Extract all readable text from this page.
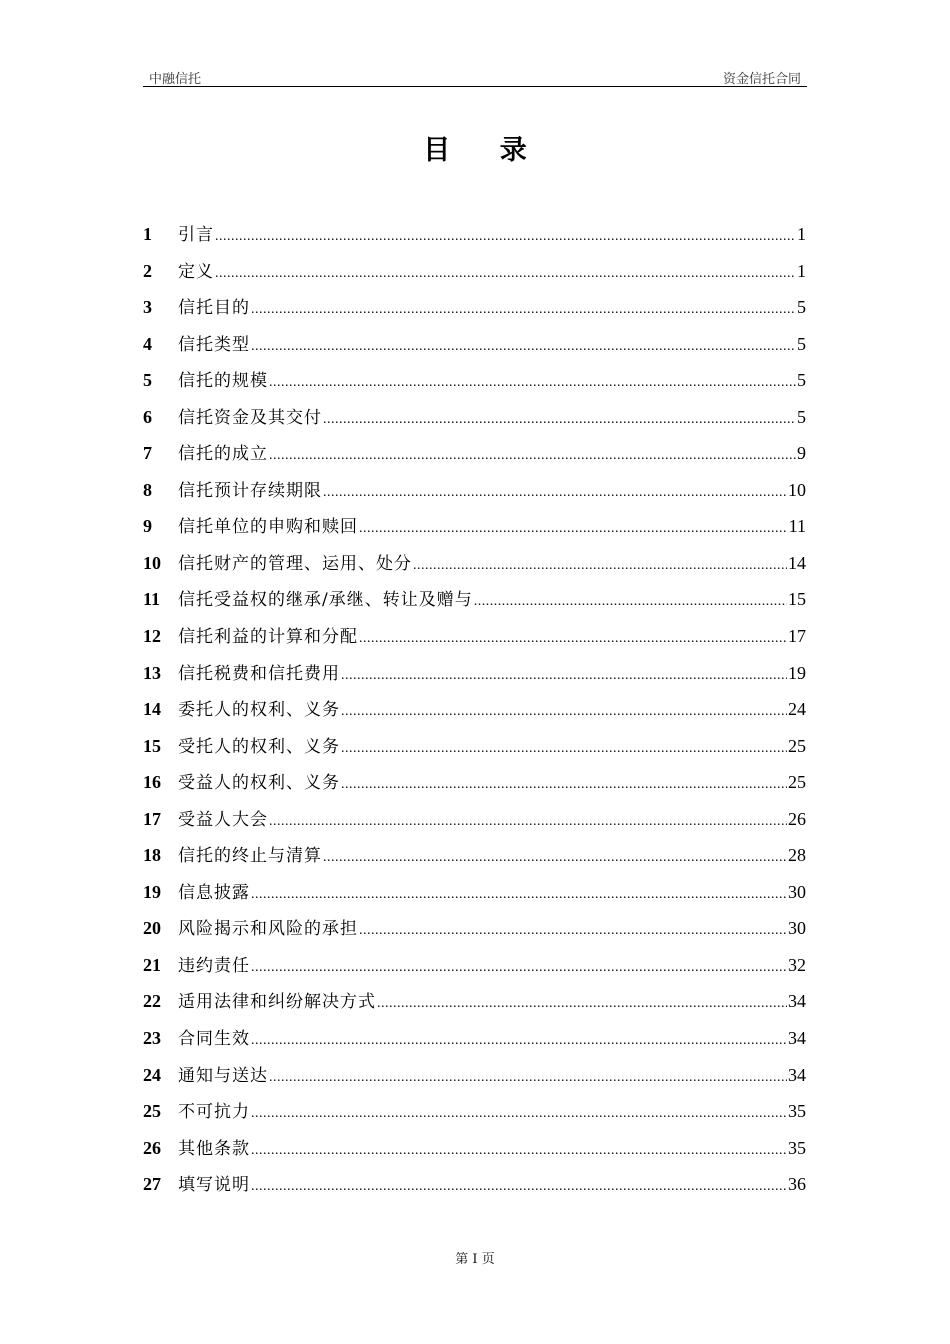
中融信托	资金信托合同
目 录
1	引言 .....	1
2	定义 .....	1
3	信托目的 .....	5
4	信托类型 .....	5
5	信托的规模 .....	5
6	信托资金及其交付 .....	5
7	信托的成立 .....	9
8	信托预计存续期限 .....	10
9	信托单位的申购和赎回 .....	11
10	信托财产的管理、运用、处分 .....	14
11	信托受益权的继承/承继、转让及赠与 .....	15
12	信托利益的计算和分配 .....	17
13	信托税费和信托费用 .....	19
14	委托人的权利、义务 .....	24
15	受托人的权利、义务 .....	25
16	受益人的权利、义务 .....	25
17	受益人大会 .....	26
18	信托的终止与清算 .....	28
19	信息披露 .....	30
20	风险揭示和风险的承担 .....	30
21	违约责任 .....	32
22	适用法律和纠纷解决方式 .....	34
23	合同生效 .....	34
24	通知与送达 .....	34
25	不可抗力 .....	35
26	其他条款 .....	35
27	填写说明 .....	36
第 I 页
